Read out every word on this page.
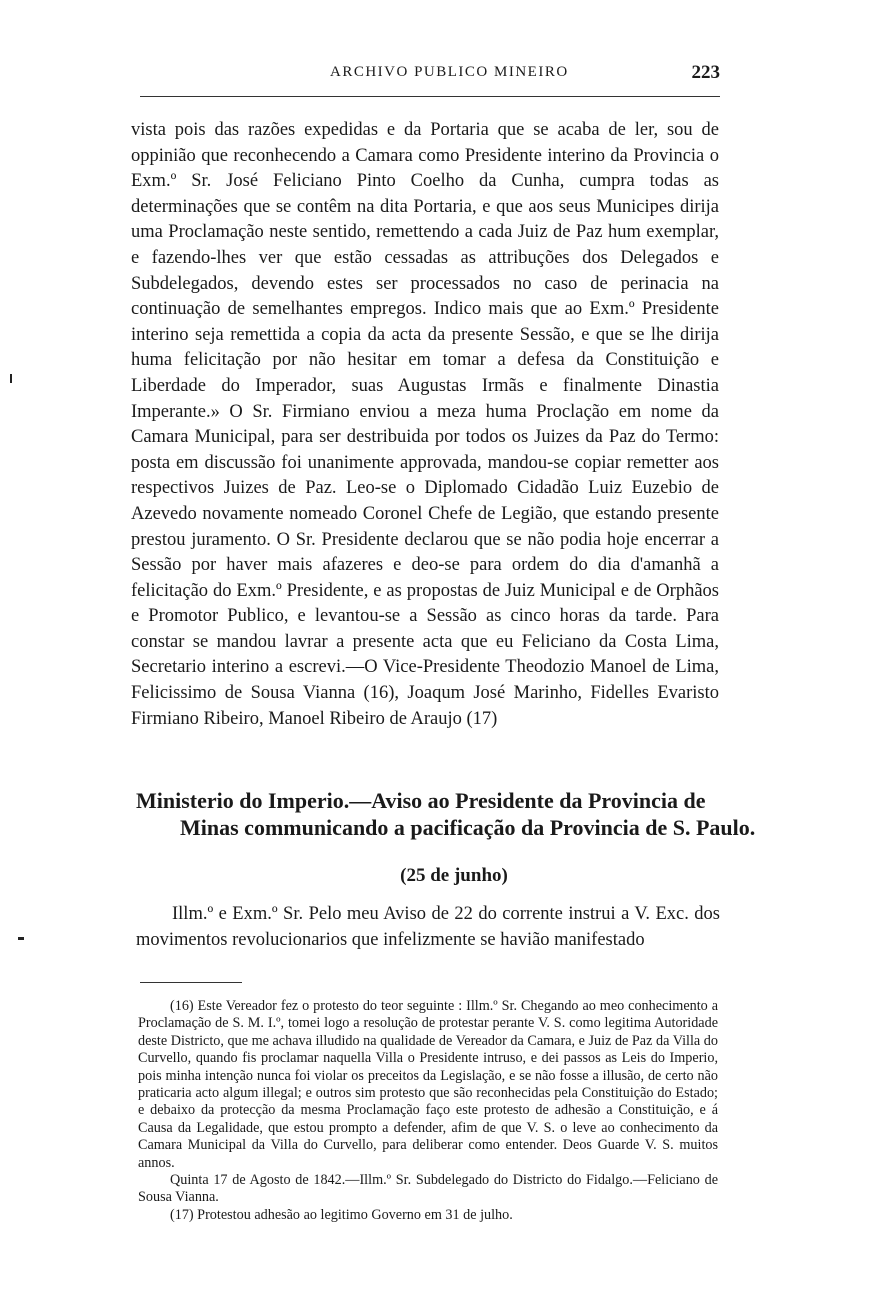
ARCHIVO PUBLICO MINEIRO	223

vista pois das razões expedidas e da Portaria que se acaba de ler, sou de oppinião que reconhecendo a Camara como Presidente interino da Provincia o Exm.º Sr. José Feliciano Pinto Coelho da Cunha, cumpra todas as determinações que se contêm na dita Portaria, e que aos seus Municipes dirija uma Proclamação neste sentido, remettendo a cada Juiz de Paz hum exemplar, e fazendo-lhes ver que estão cessadas as attribuções dos Delegados e Subdelegados, devendo estes ser processados no caso de perinacia na continuação de semelhantes empregos. Indico mais que ao Exm.º Presidente interino seja remettida a copia da acta da presente Sessão, e que se lhe dirija huma felicitação por não hesitar em tomar a defesa da Constituição e Liberdade do Imperador, suas Augustas Irmãs e finalmente Dinastia Imperante.» O Sr. Firmiano enviou a meza huma Proclação em nome da Camara Municipal, para ser destribuida por todos os Juizes da Paz do Termo: posta em discussão foi unanimente approvada, mandou-se copiar remetter aos respectivos Juizes de Paz. Leo-se o Diplomado Cidadão Luiz Euzebio de Azevedo novamente nomeado Coronel Chefe de Legião, que estando presente prestou juramento. O Sr. Presidente declarou que se não podia hoje encerrar a Sessão por haver mais afazeres e deo-se para ordem do dia d'amanhã a felicitação do Exm.º Presidente, e as propostas de Juiz Municipal e de Orphãos e Promotor Publico, e levantou-se a Sessão as cinco horas da tarde. Para constar se mandou lavrar a presente acta que eu Feliciano da Costa Lima, Secretario interino a escrevi.—O Vice-Presidente Theodozio Manoel de Lima, Felicissimo de Sousa Vianna (16), Joaqum José Marinho, Fidelles Evaristo Firmiano Ribeiro, Manoel Ribeiro de Araujo (17)

Ministerio do Imperio.—Aviso ao Presidente da Provincia de Minas communicando a pacificação da Provincia de S. Paulo.
(25 de junho)

Illm.º e Exm.º Sr. Pelo meu Aviso de 22 do corrente instrui a V. Exc. dos movimentos revolucionarios que infelizmente se havião manifestado

(16) Este Vereador fez o protesto do teor seguinte : Illm.º Sr. Chegando ao meo conhecimento a Proclamação de S. M. I.º, tomei logo a resolução de protestar perante V. S. como legitima Autoridade deste Districto, que me achava illudido na qualidade de Vereador da Camara, e Juiz de Paz da Villa do Curvello, quando fis proclamar naquella Villa o Presidente intruso, e dei passos as Leis do Imperio, pois minha intenção nunca foi violar os preceitos da Legislação, e se não fosse a illusão, de certo não praticaria acto algum illegal; e outros sim protesto que são reconhecidas pela Constituição do Estado; e debaixo da protecção da mesma Proclamação faço este protesto de adhesão a Constituição, e á Causa da Legalidade, que estou prompto a defender, afim de que V. S. o leve ao conhecimento da Camara Municipal da Villa do Curvello, para deliberar como entender. Deos Guarde V. S. muitos annos.

Quinta 17 de Agosto de 1842.—Illm.º Sr. Subdelegado do Districto do Fidalgo.—Feliciano de Sousa Vianna.

(17) Protestou adhesão ao legitimo Governo em 31 de julho.
